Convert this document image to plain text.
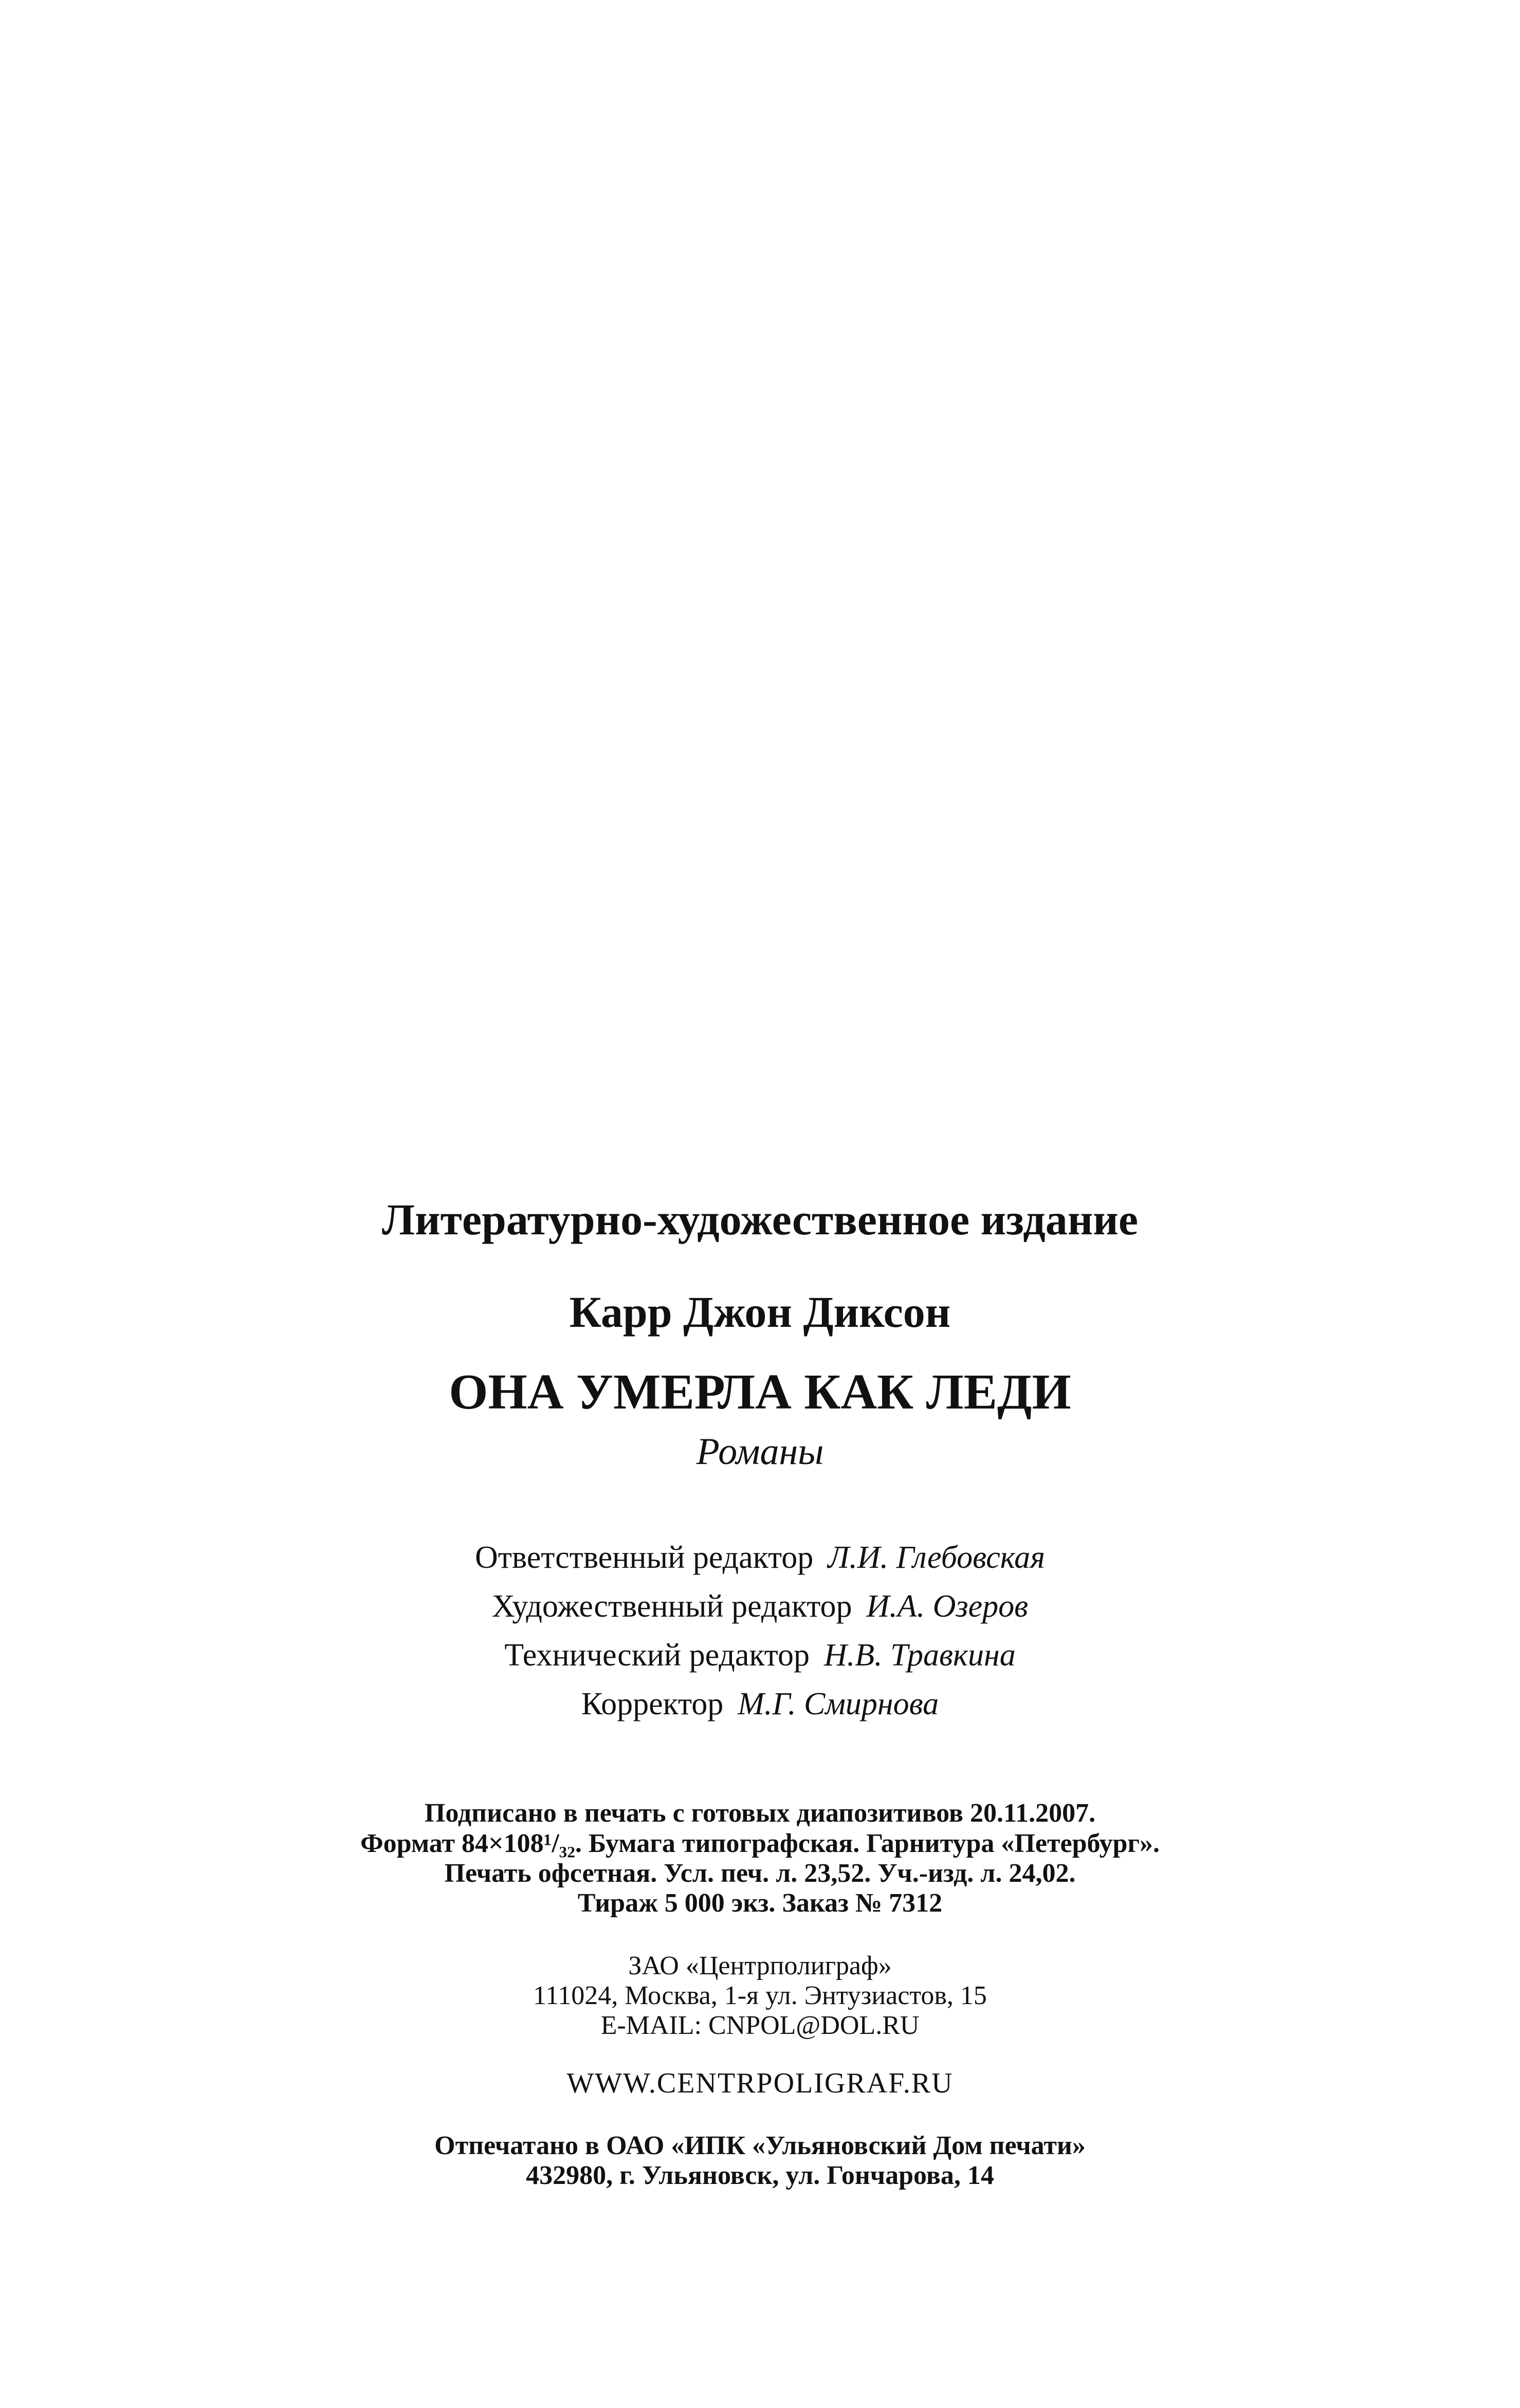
Литературно-художественное издание
Карр Джон Диксон
ОНА УМЕРЛА КАК ЛЕДИ
Романы
Ответственный редактор Л.И. Глебовская
Художественный редактор И.А. Озеров
Технический редактор Н.В. Травкина
Корректор М.Г. Смирнова
Подписано в печать с готовых диапозитивов 20.11.2007.
Формат 84×108¹/₃₂. Бумага типографская. Гарнитура «Петербург».
Печать офсетная. Усл. печ. л. 23,52. Уч.-изд. л. 24,02.
Тираж 5 000 экз. Заказ № 7312
ЗАО «Центрполиграф»
111024, Москва, 1-я ул. Энтузиастов, 15
E-MAIL: CNPOL@DOL.RU
WWW.CENTRPOLIGRAF.RU
Отпечатано в ОАО «ИПК «Ульяновский Дом печати»
432980, г. Ульяновск, ул. Гончарова, 14
